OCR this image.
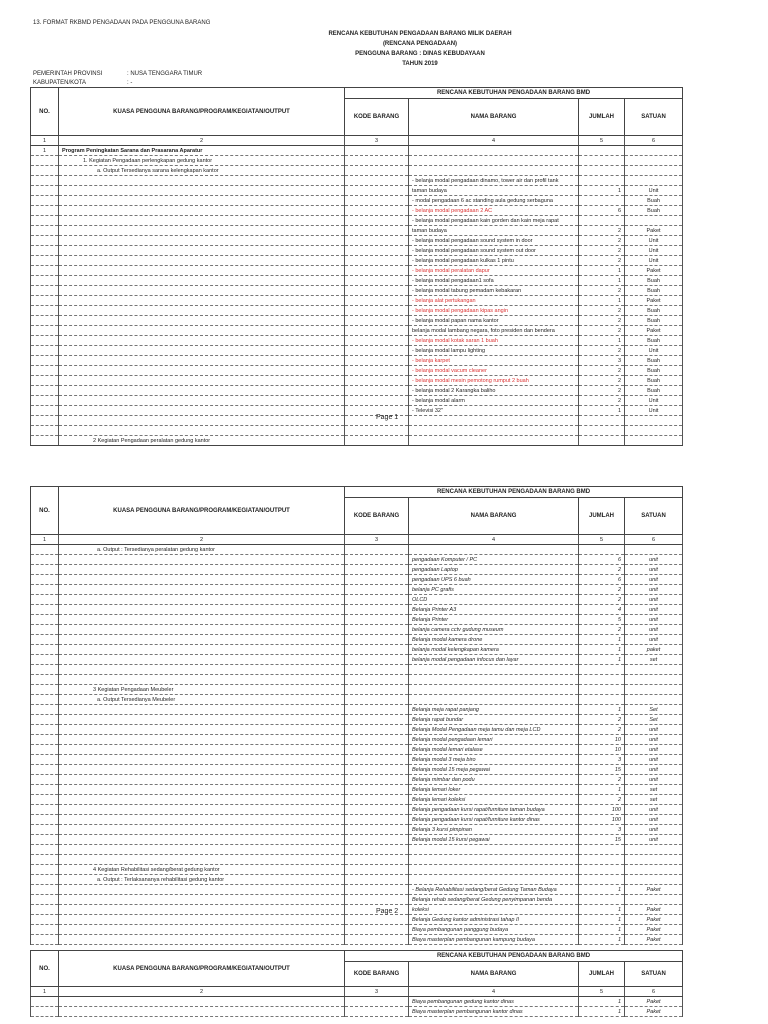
13. FORMAT RKBMD PENGADAAN PADA PENGGUNA BARANG
RENCANA KEBUTUHAN PENGADAAN BARANG MILIK DAERAH
(RENCANA PENGADAAN)
PENGGUNA BARANG : DINAS KEBUDAYAAN
TAHUN 2019
PEMERINTAH PROVINSI	: NUSA TENGGARA TIMUR
KABUPATEN/KOTA	: -
NO.	KUASA PENGGUNA BARANG/PROGRAM/KEGIATAN/OUTPUT	RENCANA KEBUTUHAN PENGADAAN BARANG BMD			
		KODE BARANG	NAMA BARANG	JUMLAH	SATUAN
1	2	3	4	5	6
1	Program Peningkatan Sarana dan Prasarana Aparatur				
	1. Kegiatan Pengadaan perlengkapan gedung kantor				
	a. Output Tersedianya sarana kelengkapan kantor				
			- belanja modal pengadaan dinamo, tower air dan profil tank		
			taman budaya	1	Unit
			- modal pengadaan 6 ac standing aula gedung serbaguna		Buah
			- belanja modal pengadaan 2 AC	6	Buah
			- belanja modal pengadaan kain gorden dan kain meja rapat		
			taman budaya	2	Paket
			- belanja modal pengadaan sound system in door	2	Unit
			- belanja modal pengadaan sound system out door	2	Unit
			- belanja modal pengadaan kulkas 1 pintu	2	Unit
			- belanja modal peralatan dapur	1	Paket
			- belanja modal pengadaan1 sofa	1	Buah
			- belanja modal tabung pemadam kebakaran	2	Buah
			- belanja alat pertukangan	1	Paket
			- belanja modal pengadaan kipas angin	2	Buah
			- belanja modal papan nama kantor	2	Buah
			belanja modal lambang negara, foto presiden dan bendera	2	Paket
			- belanja modal kotak saran 1 buah	1	Buah
			- belanja modal lampu lighting	2	Unit
			- belanja karpet	3	Buah
			- belanja modal vacum cleaner	2	Buah
			- belanja modal mesin pemotong rumput 2 buah	2	Buah
			- belanja modal 2 Karangka baliho	2	Buah
			- belanja modal alarm	2	Unit
			- Televisi 32"	1	Unit

	2 Kegiatan Pengadaan peralatan gedung kantor				
Page 1
NO.	KUASA PENGGUNA BARANG/PROGRAM/KEGIATAN/OUTPUT	RENCANA KEBUTUHAN PENGADAAN BARANG BMD			
		KODE BARANG	NAMA BARANG	JUMLAH	SATUAN
1	2	3	4	5	6
	a. Output : Tersedianya peralatan gedung kantor				
			pengadaan Komputer / PC	6	unit
			pengadaan Laptop	2	unit
			pengadaan UPS 6 buah	6	unit
			belanja PC grafis	2	unit
			OLCD	2	unit
			Belanja Printer A3	4	unit
			Belanja Printer	5	unit
			belanja camera cctv gudung museum	2	unit
			Belanja modal kamera drone	1	unit
			belanja modal kelengkapan kamera	1	paket
			belanja modal pengadaan infocus dan layar	1	set

	3 Kegiatan Pengadaan Meubeler				
	a. Output Tersedianya Meubeler				
			Belanja meja rapat panjang	1	Set
			Belanja rapat bundar	2	Set
			Belanja Modal Pengadaan meja tamu dan meja LCD	2	unit
			Belanja modal pengadaan lemari	10	unit
			Belanja modal lemari etalase	10	unit
			Belanja modal 3 meja biro	3	unit
			Belanja modal 15 meja pegawai	15	unit
			Belanja mimbar dan podu	2	unit
			Belanja lemari loker	1	set
			Belanja lemari koleksi	2	set
			Belanja pengadaan kursi rapat/furniture taman budaya	100	unit
			Belanja pengadaan kursi rapat/furniture kantor dinas	100	unit
			Belanja 3 kursi pimpinan	3	unit
			Belanja modal 15 kursi pegawai	15	unit

	4 Kegiatan Rehabilitasi sedang/berat gedung kantor				
	a. Output : Terlaksananya rehabilitasi gedung kantor				
			- Belanja Rehabilitasi sedang/berat Gedung Taman Budaya	1	Paket
			Belanja rehab sedang/berat Gedung penyimpanan benda		
			koleksi	1	Paket
			Belanja Gedung kantor administrasi tahap II	1	Paket
			Biaya pembangunan panggung budaya	1	Paket
			Biaya masterplan pembangunan kampung budaya	1	Paket
Page 2
NO.	KUASA PENGGUNA BARANG/PROGRAM/KEGIATAN/OUTPUT	RENCANA KEBUTUHAN PENGADAAN BARANG BMD			
		KODE BARANG	NAMA BARANG	JUMLAH	SATUAN
1	2	3	4	5	6
			Biaya pembangunan gedung kantor dinas	1	Paket
			Biaya masterplan pembangunan kantor dinas	1	Paket
